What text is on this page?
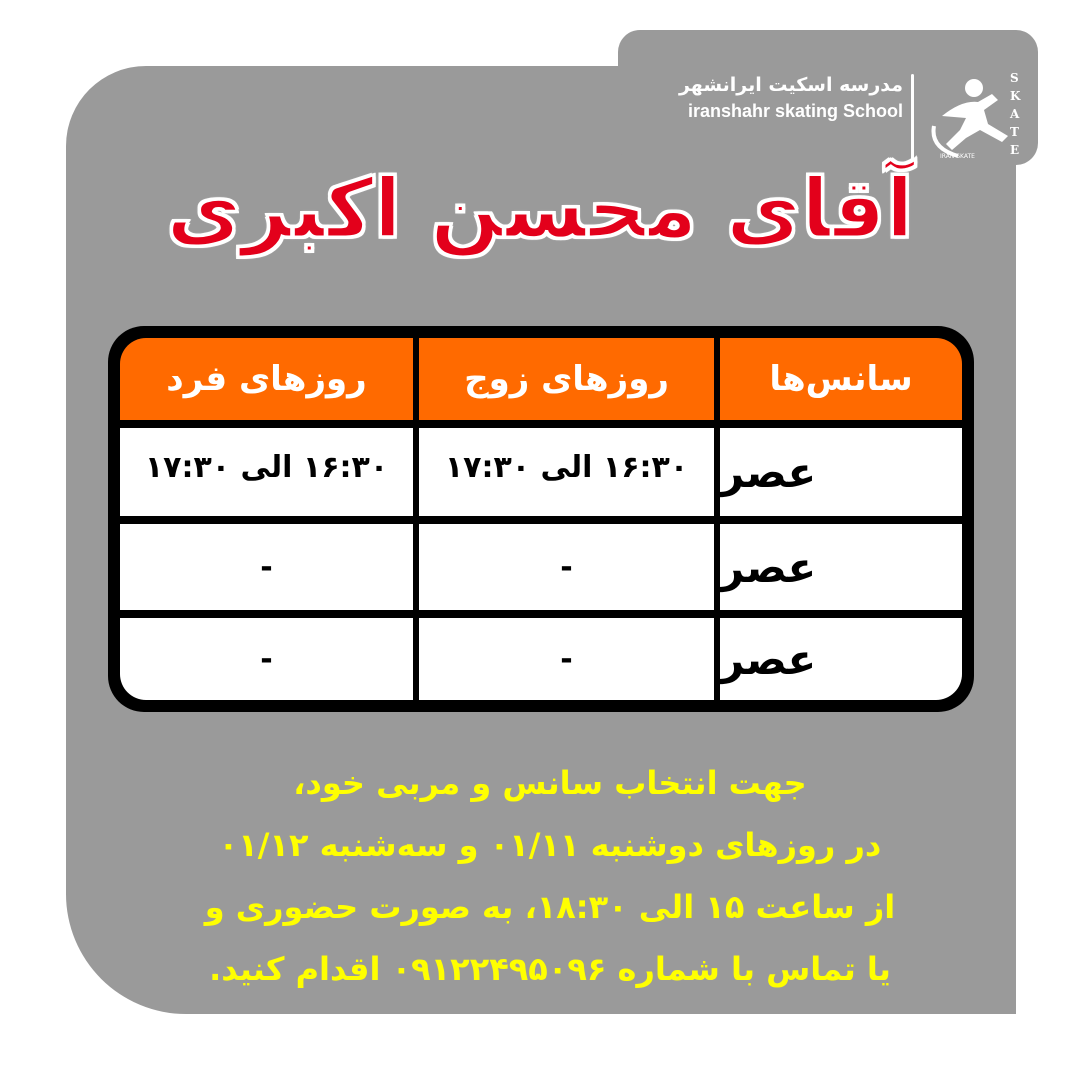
مدرسه اسکیت ایرانشهر
iranshahr skating School
S
K
A
T
E
IRAN SKATE
آقای محسن اکبری
سانس‌ها
روزهای زوج
روزهای فرد
عصر
۱۶:۳۰ الی ۱۷:۳۰
۱۶:۳۰ الی ۱۷:۳۰
عصر
-
-
عصر
-
-
جهت انتخاب سانس و مربی خود،
در روزهای دوشنبه ۰۱/۱۱ و سه‌شنبه ۰۱/۱۲
از ساعت ۱۵ الی ۱۸:۳۰، به صورت حضوری و
یا تماس با شماره ۰۹۱۲۲۴۹۵۰۹۶ اقدام کنید.
